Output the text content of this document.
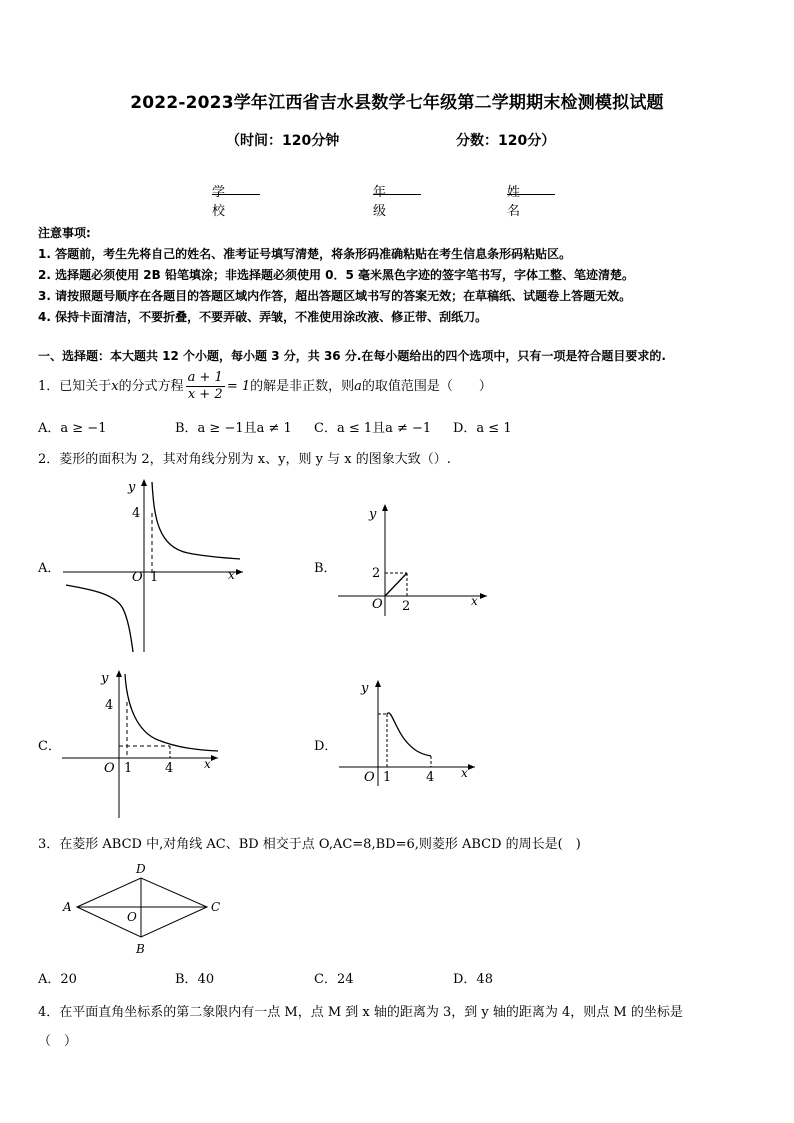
2022-2023学年江西省吉水县数学七年级第二学期期末检测模拟试题
（时间：120分钟	分数：120分）
学校
年级
姓名
注意事项:
1. 答题前，考生先将自己的姓名、准考证号填写清楚，将条形码准确粘贴在考生信息条形码粘贴区。
2. 选择题必须使用 2B 铅笔填涂；非选择题必须使用 0．5 毫米黑色字迹的签字笔书写，字体工整、笔迹清楚。
3. 请按照题号顺序在各题目的答题区域内作答，超出答题区域书写的答案无效；在草稿纸、试题卷上答题无效。
4. 保持卡面清洁，不要折叠，不要弄破、弄皱，不准使用涂改液、修正带、刮纸刀。
一、选择题：本大题共 12 个小题，每小题 3 分，共 36 分.在每小题给出的四个选项中，只有一项是符合题目要求的.
1．已知关于x的分式方程 $\frac{a + 1}{x + 2} = 1$的解是非正数，则a的取值范围是（　　）
A．a ≥ −1	B．a ≥ −1且a ≠ 1 C．a ≤ 1且a ≠ −1 D．a ≤ 1
2．菱形的面积为 2，其对角线分别为 x、y，则 y 与 x 的图象大致（）.
A．	B．
C．	D．
y
4
O 1	x
y
2
O 2	x
y
4
O 1	4	x
y
O 1	4 x
3．在菱形 ABCD 中,对角线 AC、BD 相交于点 O,AC=8,BD=6,则菱形 ABCD 的周长是(　)
A
D
C
B
O
A．20	B．40	C．24	D．48
4．在平面直角坐标系的第二象限内有一点 M，点 M 到 x 轴的距离为 3，到 y 轴的距离为 4，则点 M 的坐标是
（　）
